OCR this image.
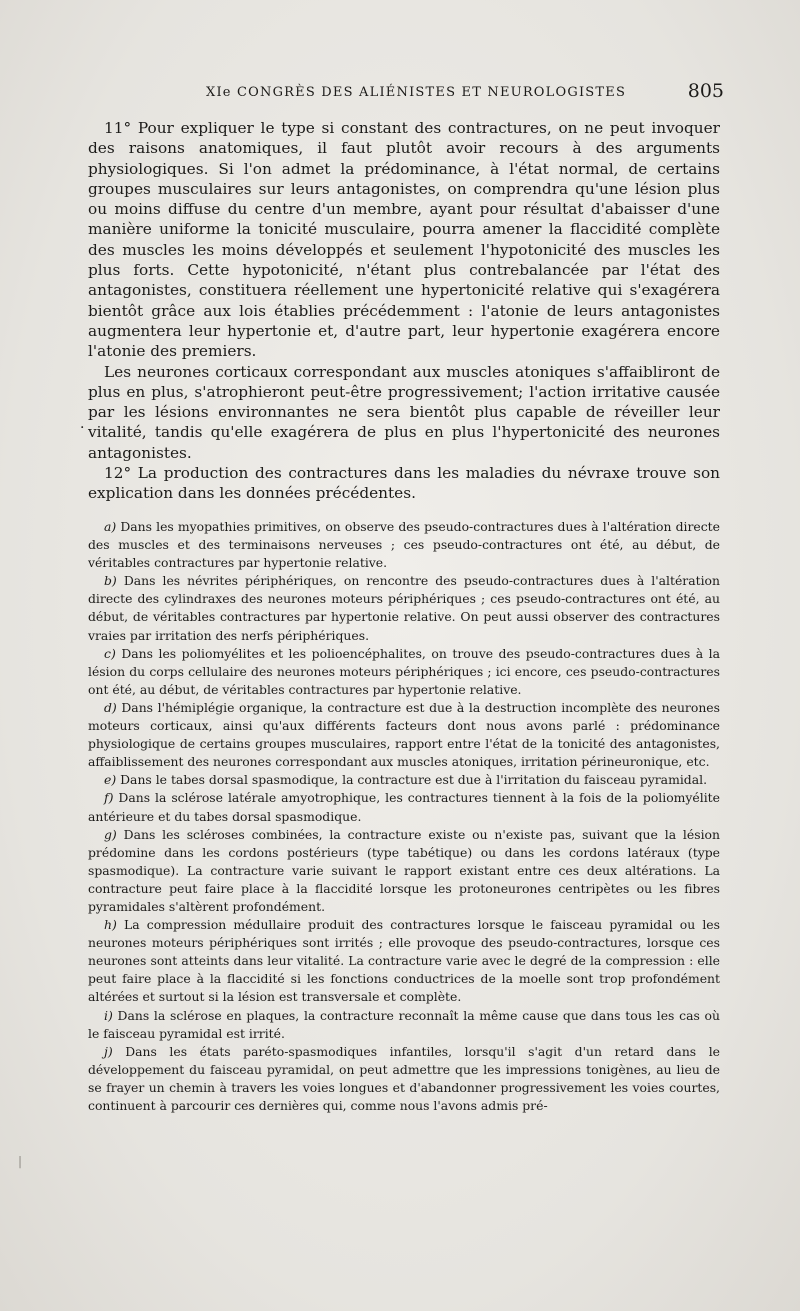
XIe CONGRÈS DES ALIÉNISTES ET NEUROLOGISTES	805

11° Pour expliquer le type si constant des contractures, on ne peut invoquer des raisons anatomiques, il faut plutôt avoir recours à des arguments physiologiques. Si l'on admet la prédominance, à l'état normal, de certains groupes musculaires sur leurs antagonistes, on comprendra qu'une lésion plus ou moins diffuse du centre d'un membre, ayant pour résultat d'abaisser d'une manière uniforme la tonicité musculaire, pourra amener la flaccidité complète des muscles les moins développés et seulement l'hypotonicité des muscles les plus forts. Cette hypotonicité, n'étant plus contrebalancée par l'état des antagonistes, constituera réellement une hypertonicité relative qui s'exagérera bientôt grâce aux lois établies précédemment : l'atonie de leurs antagonistes augmentera leur hypertonie et, d'autre part, leur hypertonie exagérera encore l'atonie des premiers.

Les neurones corticaux correspondant aux muscles atoniques s'affaibliront de plus en plus, s'atrophieront peut-être progressivement; l'action irritative causée par les lésions environnantes ne sera bientôt plus capable de réveiller leur vitalité, tandis qu'elle exagérera de plus en plus l'hypertonicité des neurones antagonistes.

12° La production des contractures dans les maladies du névraxe trouve son explication dans les données précédentes.

a) Dans les myopathies primitives, on observe des pseudo-contractures dues à l'altération directe des muscles et des terminaisons nerveuses ; ces pseudo-contractures ont été, au début, de véritables contractures par hypertonie relative.

b) Dans les névrites périphériques, on rencontre des pseudo-contractures dues à l'altération directe des cylindraxes des neurones moteurs périphériques ; ces pseudo-contractures ont été, au début, de véritables contractures par hypertonie relative. On peut aussi observer des contractures vraies par irritation des nerfs périphériques.

c) Dans les poliomyélites et les polioencéphalites, on trouve des pseudo-contractures dues à la lésion du corps cellulaire des neurones moteurs périphériques ; ici encore, ces pseudo-contractures ont été, au début, de véritables contractures par hypertonie relative.

d) Dans l'hémiplégie organique, la contracture est due à la destruction incomplète des neurones moteurs corticaux, ainsi qu'aux différents facteurs dont nous avons parlé : prédominance physiologique de certains groupes musculaires, rapport entre l'état de la tonicité des antagonistes, affaiblissement des neurones correspondant aux muscles atoniques, irritation périneuronique, etc.

e) Dans le tabes dorsal spasmodique, la contracture est due à l'irritation du faisceau pyramidal.

f) Dans la sclérose latérale amyotrophique, les contractures tiennent à la fois de la poliomyélite antérieure et du tabes dorsal spasmodique.

g) Dans les scléroses combinées, la contracture existe ou n'existe pas, suivant que la lésion prédomine dans les cordons postérieurs (type tabétique) ou dans les cordons latéraux (type spasmodique). La contracture varie suivant le rapport existant entre ces deux altérations. La contracture peut faire place à la flaccidité lorsque les protoneurones centripètes ou les fibres pyramidales s'altèrent profondément.

h) La compression médullaire produit des contractures lorsque le faisceau pyramidal ou les neurones moteurs périphériques sont irrités ; elle provoque des pseudo-contractures, lorsque ces neurones sont atteints dans leur vitalité. La contracture varie avec le degré de la compression : elle peut faire place à la flaccidité si les fonctions conductrices de la moelle sont trop profondément altérées et surtout si la lésion est transversale et complète.

i) Dans la sclérose en plaques, la contracture reconnaît la même cause que dans tous les cas où le faisceau pyramidal est irrité.

j) Dans les états paréto-spasmodiques infantiles, lorsqu'il s'agit d'un retard dans le développement du faisceau pyramidal, on peut admettre que les impressions tonigènes, au lieu de se frayer un chemin à travers les voies longues et d'abandonner progressivement les voies courtes, continuent à parcourir ces dernières qui, comme nous l'avons admis pré-

·
|
